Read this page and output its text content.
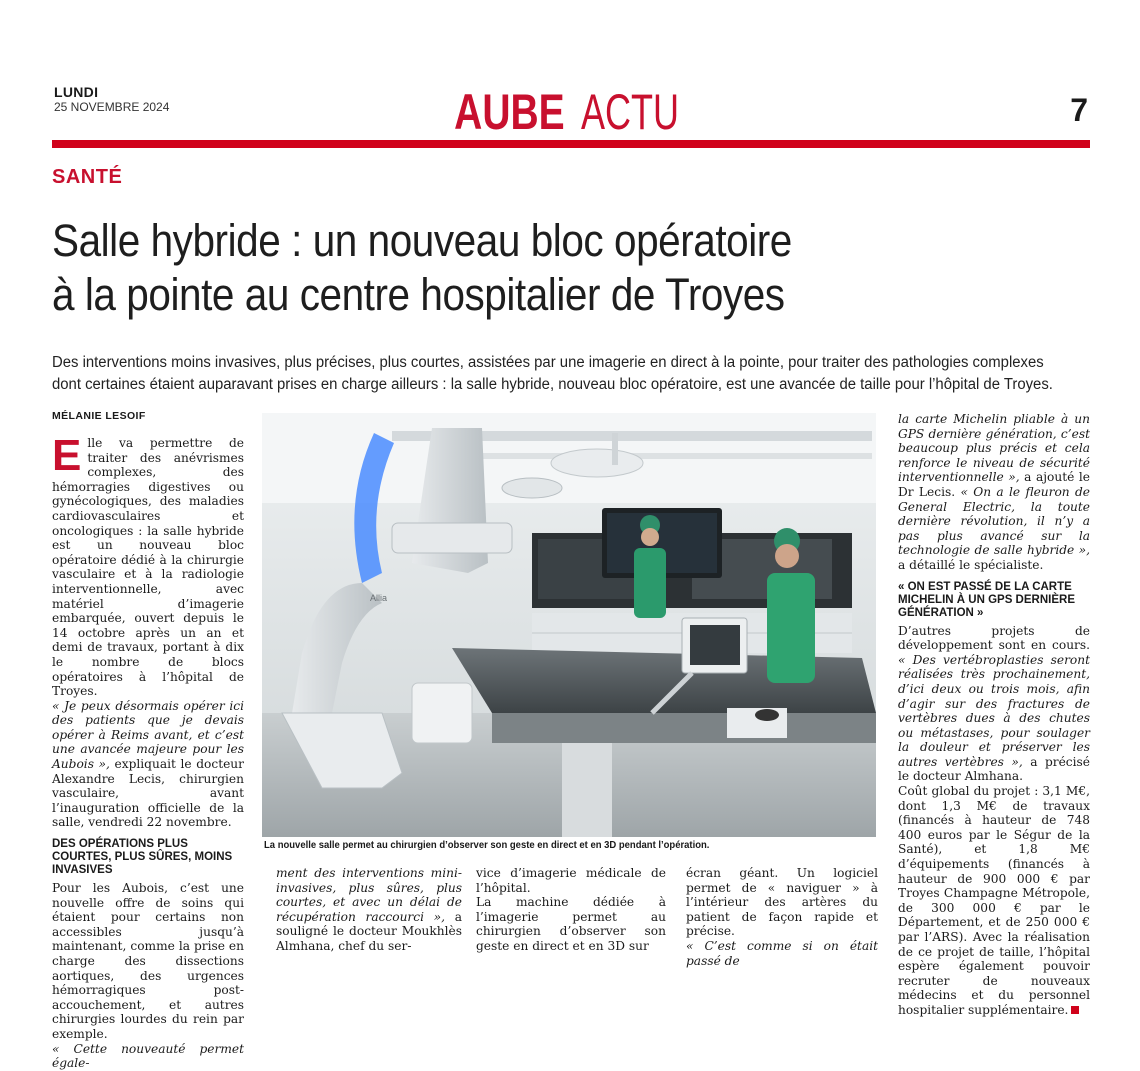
LUNDI
25 NOVEMBRE 2024	AUBE ACTU	7
SANTÉ
Salle hybride : un nouveau bloc opératoire
à la pointe au centre hospitalier de Troyes
Des interventions moins invasives, plus précises, plus courtes, assistées par une imagerie en direct à la pointe, pour traiter des pathologies complexes
dont certaines étaient auparavant prises en charge ailleurs : la salle hybride, nouveau bloc opératoire, est une avancée de taille pour l’hôpital de Troyes.
MÉLANIE LESOIF

Elle va permettre de traiter des anévrismes complexes, des hémorragies digestives ou gynécologiques, des maladies cardiovasculaires et oncologiques : la salle hybride est un nouveau bloc opératoire dédié à la chirurgie vasculaire et à la radiologie interventionnelle, avec matériel d’imagerie embarquée, ouvert depuis le 14 octobre après un an et demi de travaux, portant à dix le nombre de blocs opératoires à l’hôpital de Troyes.

« Je peux désormais opérer ici des patients que je devais opérer à Reims avant, et c’est une avancée majeure pour les Aubois », expliquait le docteur Alexandre Lecis, chirurgien vasculaire, avant l’inauguration officielle de la salle, vendredi 22 novembre.

DES OPÉRATIONS PLUS COURTES, PLUS SÛRES, MOINS INVASIVES

Pour les Aubois, c’est une nouvelle offre de soins qui étaient pour certains non accessibles jusqu’à maintenant, comme la prise en charge des dissections aortiques, des urgences hémorragiques post-accouchement, et autres chirurgies lourdes du rein par exemple.

« Cette nouveauté permet égale-

Allia
La nouvelle salle permet au chirurgien d’observer son geste en direct et en 3D pendant l’opération.

ment des interventions mini-invasives, plus sûres, plus courtes, et avec un délai de récupération raccourci », a souligné le docteur Moukhlès Almhana, chef du ser-

vice d’imagerie médicale de l’hôpital.

La machine dédiée à l’imagerie permet au chirurgien d’observer son geste en direct et en 3D sur

écran géant. Un logiciel permet de « naviguer » à l’intérieur des artères du patient de façon rapide et précise.

« C’est comme si on était passé de

la carte Michelin pliable à un GPS dernière génération, c’est beaucoup plus précis et cela renforce le niveau de sécurité interventionnelle », a ajouté le Dr Lecis. « On a le fleuron de General Electric, la toute dernière révolution, il n’y a pas plus avancé sur la technologie de salle hybride », a détaillé le spécialiste.

« ON EST PASSÉ DE LA CARTE MICHELIN À UN GPS DERNIÈRE GÉNÉRATION »

D’autres projets de développement sont en cours. « Des vertébroplasties seront réalisées très prochainement, d’ici deux ou trois mois, afin d’agir sur des fractures de vertèbres dues à des chutes ou métastases, pour soulager la douleur et préserver les autres vertèbres », a précisé le docteur Almhana.

Coût global du projet : 3,1 M€, dont 1,3 M€ de travaux (financés à hauteur de 748 400 euros par le Ségur de la Santé), et 1,8 M€ d’équipements (financés à hauteur de 900 000 € par Troyes Champagne Métropole, de 300 000 € par le Département, et de 250 000 € par l’ARS). Avec la réalisation de ce projet de taille, l’hôpital espère également pouvoir recruter de nouveaux médecins et du personnel hospitalier supplémentaire.
